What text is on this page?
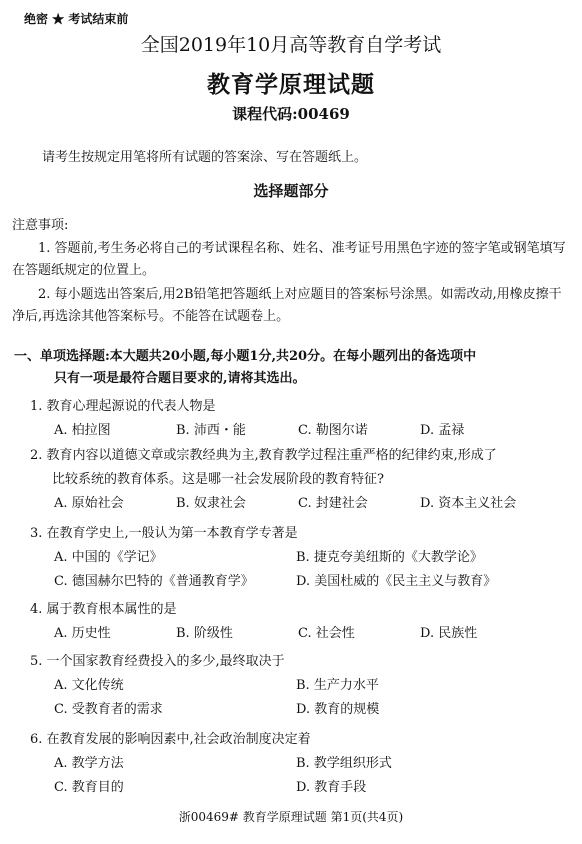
绝密 ★ 考试结束前
全国2019年10月高等教育自学考试
教育学原理试题
课程代码:00469
请考生按规定用笔将所有试题的答案涂、写在答题纸上。
选择题部分
注意事项:
1. 答题前,考生务必将自己的考试课程名称、姓名、准考证号用黑色字迹的签字笔或钢笔填写在答题纸规定的位置上。
2. 每小题选出答案后,用2B铅笔把答题纸上对应题目的答案标号涂黑。如需改动,用橡皮擦干净后,再选涂其他答案标号。不能答在试题卷上。
一、单项选择题:本大题共20小题,每小题1分,共20分。在每小题列出的备选项中
只有一项是最符合题目要求的,请将其选出。
1. 教育心理起源说的代表人物是
A. 柏拉图	B. 沛西・能	C. 勒图尔诺	D. 孟禄
2. 教育内容以道德文章或宗教经典为主,教育教学过程注重严格的纪律约束,形成了
比较系统的教育体系。这是哪一社会发展阶段的教育特征?
A. 原始社会	B. 奴隶社会	C. 封建社会	D. 资本主义社会
3. 在教育学史上,一般认为第一本教育学专著是
A. 中国的《学记》	B. 捷克夸美纽斯的《大教学论》
C. 德国赫尔巴特的《普通教育学》	D. 美国杜威的《民主主义与教育》
4. 属于教育根本属性的是
A. 历史性	B. 阶级性	C. 社会性	D. 民族性
5. 一个国家教育经费投入的多少,最终取决于
A. 文化传统	B. 生产力水平
C. 受教育者的需求	D. 教育的规模
6. 在教育发展的影响因素中,社会政治制度决定着
A. 教学方法	B. 教学组织形式
C. 教育目的	D. 教育手段
浙00469# 教育学原理试题 第1页(共4页)
